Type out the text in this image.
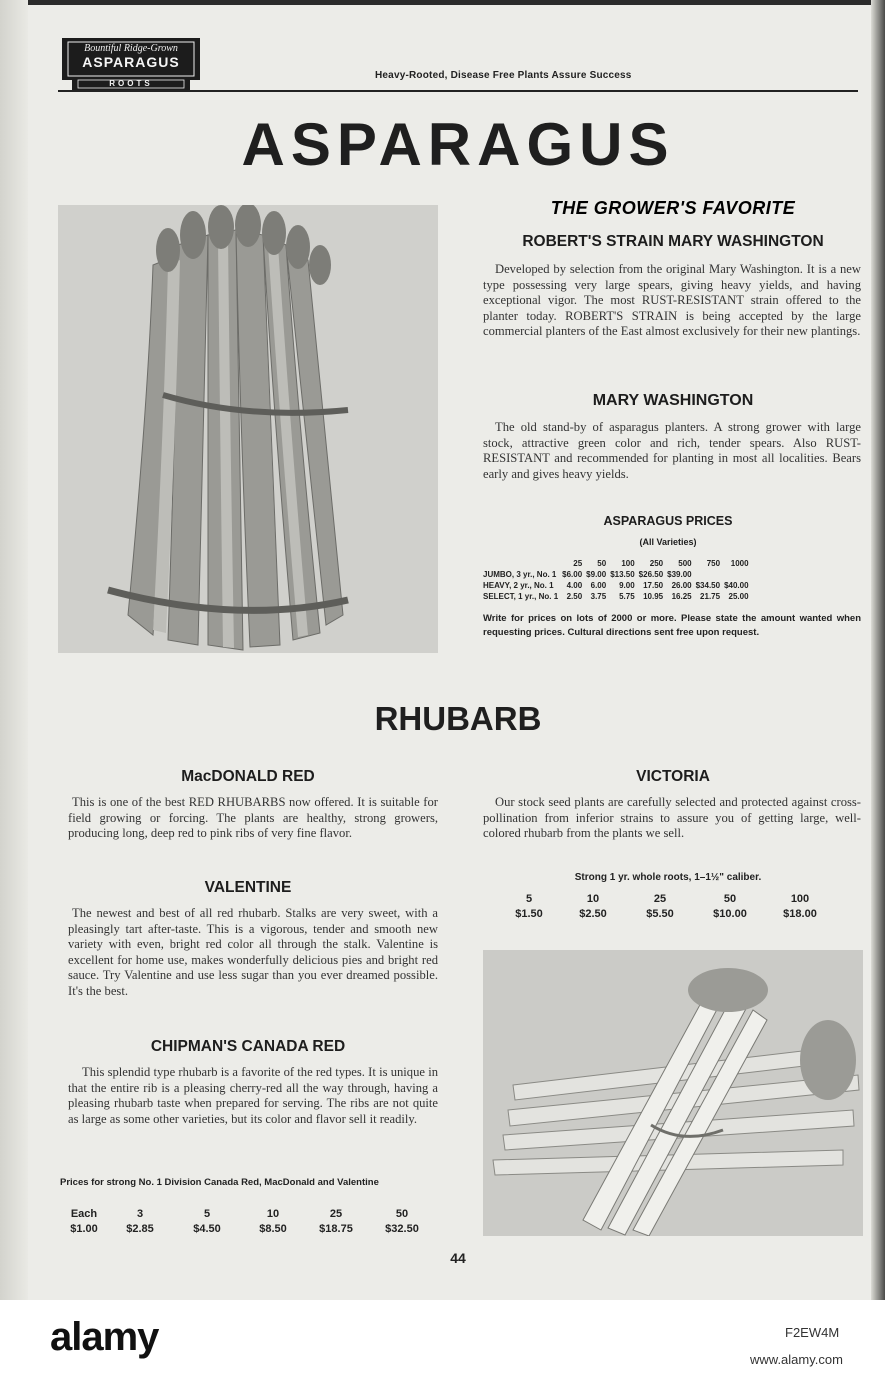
Bountiful Ridge-Grown
ASPARAGUS
ROOTS
Heavy-Rooted, Disease Free Plants Assure Success
ASPARAGUS
THE GROWER'S FAVORITE
ROBERT'S STRAIN MARY WASHINGTON
Developed by selection from the original Mary Washington. It is a new type possessing very large spears, giving heavy yields, and having exceptional vigor. The most RUST-RESISTANT strain offered to the planter today. ROBERT'S STRAIN is being accepted by the large commercial planters of the East almost exclusively for their new plantings.
MARY WASHINGTON
The old stand-by of asparagus planters. A strong grower with large stock, attractive green color and rich, tender spears. Also RUST-RESISTANT and recommended for planting in most all localities. Bears early and gives heavy yields.
ASPARAGUS PRICES
(All Varieties)
	25	50	100	250	500	750	1000
JUMBO, 3 yr., No. 1	$6.00	$9.00	$13.50	$26.50	$39.00		
HEAVY, 2 yr., No. 1	4.00	6.00	9.00	17.50	26.00	$34.50	$40.00
SELECT, 1 yr., No. 1	2.50	3.75	5.75	10.95	16.25	21.75	25.00
Write for prices on lots of 2000 or more. Please state the amount wanted when requesting prices. Cultural directions sent free upon request.
RHUBARB
MacDONALD RED
This is one of the best RED RHUBARBS now offered. It is suitable for field growing or forcing. The plants are healthy, strong growers, producing long, deep red to pink ribs of very fine flavor.
VALENTINE
The newest and best of all red rhubarb. Stalks are very sweet, with a pleasingly tart after-taste. This is a vigorous, tender and smooth new variety with even, bright red color all through the stalk. Valentine is excellent for home use, makes wonderfully delicious pies and bright red sauce. Try Valentine and use less sugar than you ever dreamed possible. It's the best.
CHIPMAN'S CANADA RED
This splendid type rhubarb is a favorite of the red types. It is unique in that the entire rib is a pleasing cherry-red all the way through, having a pleasing rhubarb taste when prepared for serving. The ribs are not quite as large as some other varieties, but its color and flavor sell it readily.
Prices for strong No. 1 Division Canada Red, MacDonald and Valentine
Each	3	5	10	25	50
$1.00	$2.85	$4.50	$8.50	$18.75	$32.50
VICTORIA
Our stock seed plants are carefully selected and protected against cross-pollination from inferior strains to assure you of getting large, well-colored rhubarb from the plants we sell.
Strong 1 yr. whole roots, 1–1½" caliber.
5	10	25	50	100
$1.50	$2.50	$5.50	$10.00	$18.00
44
alamy	F2EW4M
www.alamy.com
